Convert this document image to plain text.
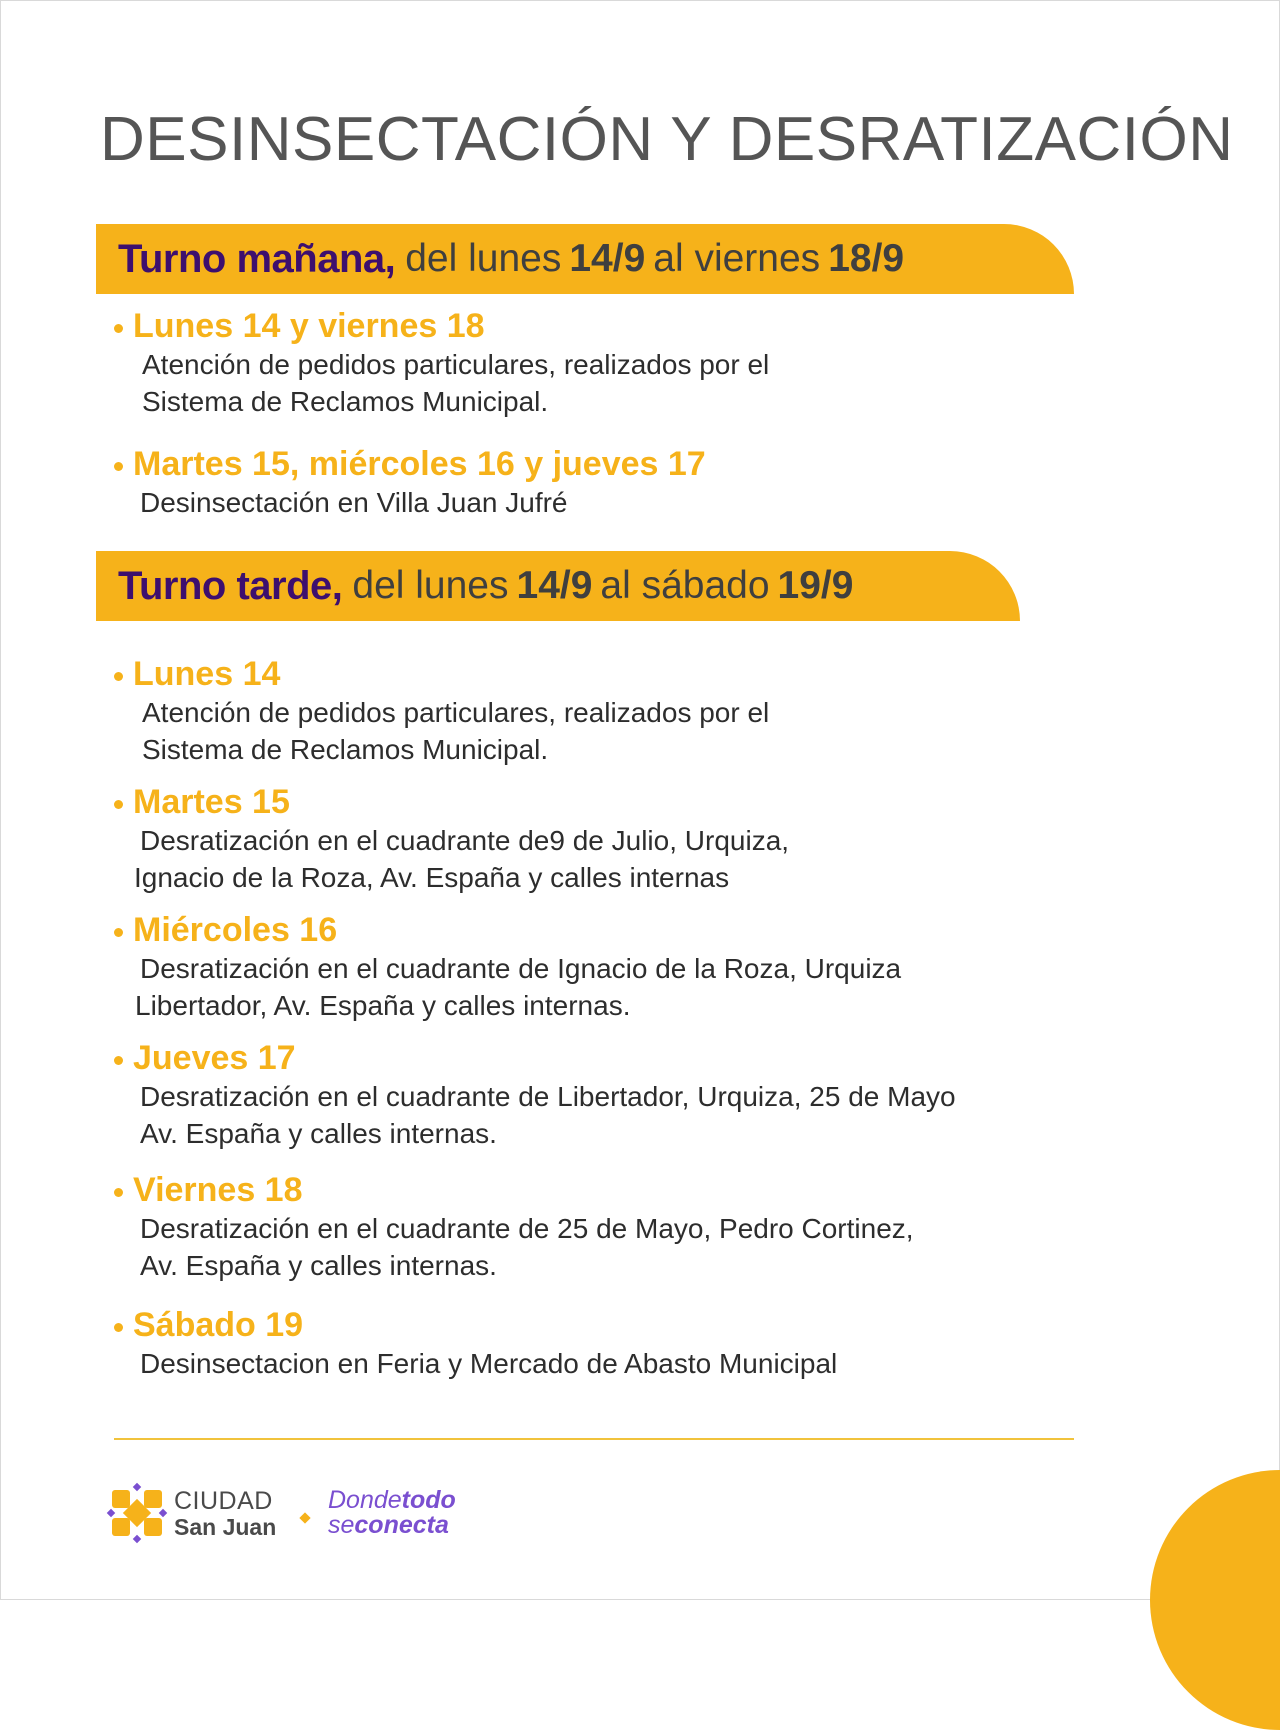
DESINSECTACIÓN Y DESRATIZACIÓN
Turno mañana, del lunes 14/9 al viernes 18/9
Lunes 14 y viernes 18
Atención de pedidos particulares, realizados por el
Sistema de Reclamos Municipal.
Martes 15, miércoles 16 y jueves 17
Desinsectación en Villa Juan Jufré
Turno tarde, del lunes 14/9 al sábado 19/9
Lunes 14
Atención de pedidos particulares, realizados por el
Sistema de Reclamos Municipal.
Martes 15
Desratización en el cuadrante de9 de Julio, Urquiza,
Ignacio de la Roza, Av. España y calles internas
Miércoles 16
Desratización en el cuadrante de Ignacio de la Roza, Urquiza
Libertador, Av. España y calles internas.
Jueves 17
Desratización en el cuadrante de Libertador, Urquiza, 25 de Mayo
Av. España y calles internas.
Viernes 18
Desratización en el cuadrante de 25 de Mayo, Pedro Cortinez,
Av. España y calles internas.
Sábado 19
Desinsectacion en Feria y Mercado de Abasto Municipal
CIUDAD
San Juan
Dondetodo
seconecta
